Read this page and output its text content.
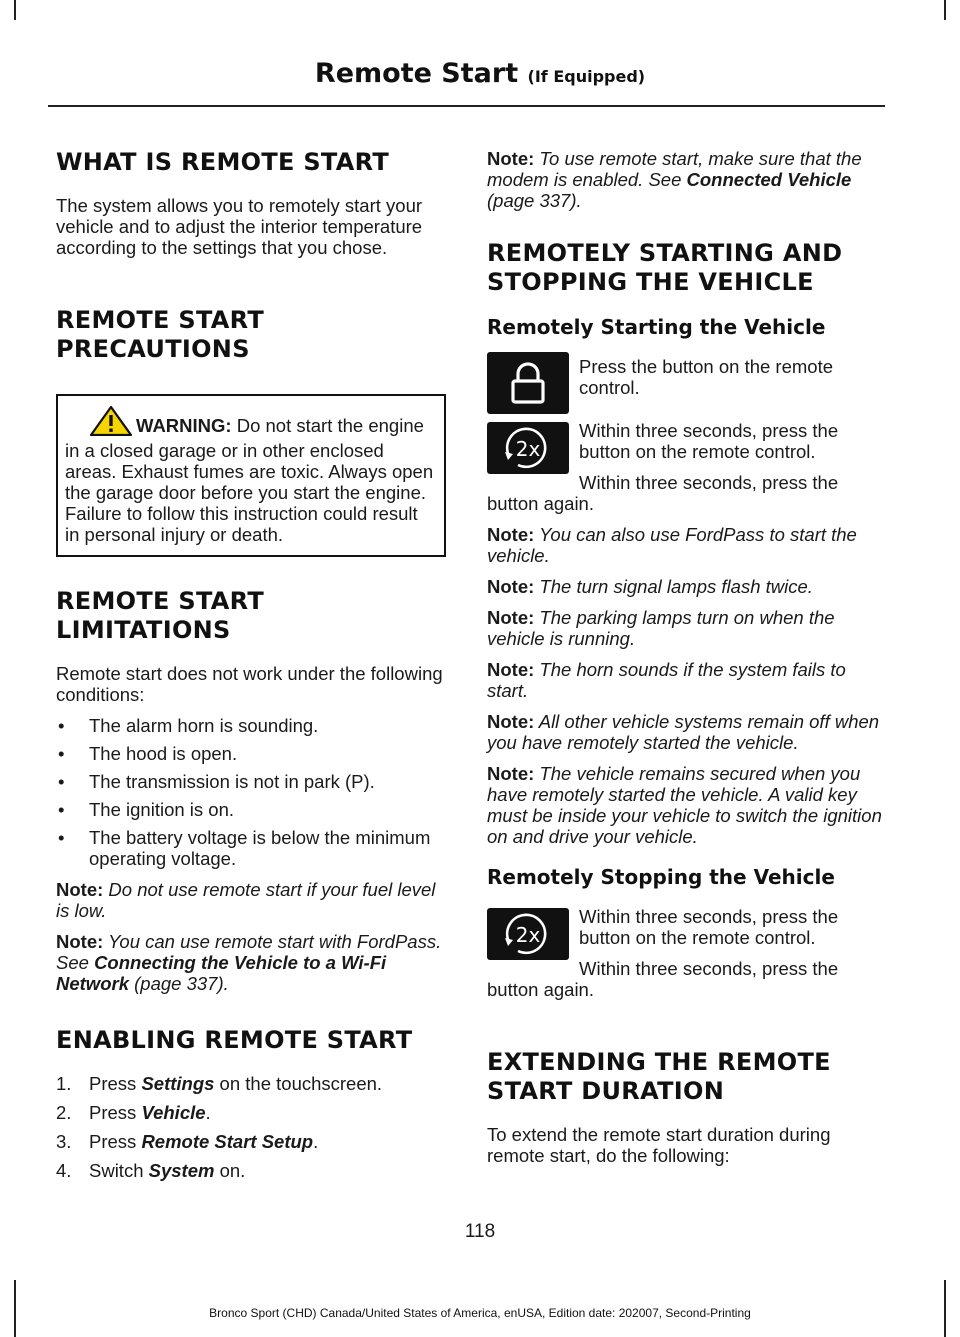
Remote Start (If Equipped)
WHAT IS REMOTE START

The system allows you to remotely start your vehicle and to adjust the interior temperature according to the settings that you chose.

REMOTE START
PRECAUTIONS

WARNING: Do not start the engine in a closed garage or in other enclosed areas. Exhaust fumes are toxic. Always open the garage door before you start the engine. Failure to follow this instruction could result in personal injury or death.

REMOTE START LIMITATIONS

Remote start does not work under the following conditions:

• The alarm horn is sounding.
• The hood is open.
• The transmission is not in park (P).
• The ignition is on.
• The battery voltage is below the minimum operating voltage.

Note: Do not use remote start if your fuel level is low.

Note: You can use remote start with FordPass. See Connecting the Vehicle to a Wi-Fi Network (page 337).

ENABLING REMOTE START
1. Press Settings on the touchscreen.
2. Press Vehicle.
3. Press Remote Start Setup.
4. Switch System on.

Note: To use remote start, make sure that the modem is enabled. See Connected Vehicle (page 337).

REMOTELY STARTING AND
STOPPING THE VEHICLE
Remotely Starting the Vehicle

Press the button on the remote control.

2x

Within three seconds, press the button on the remote control.

Within three seconds, press the button again.

Note: You can also use FordPass to start the vehicle.

Note: The turn signal lamps flash twice.

Note: The parking lamps turn on when the vehicle is running.

Note: The horn sounds if the system fails to start.

Note: All other vehicle systems remain off when you have remotely started the vehicle.

Note: The vehicle remains secured when you have remotely started the vehicle. A valid key must be inside your vehicle to switch the ignition on and drive your vehicle.

Remotely Stopping the Vehicle
2x

Within three seconds, press the button on the remote control.

Within three seconds, press the button again.

EXTENDING THE REMOTE
START DURATION

To extend the remote start duration during remote start, do the following:

118
Bronco Sport (CHD) Canada/United States of America, enUSA, Edition date: 202007, Second-Printing
